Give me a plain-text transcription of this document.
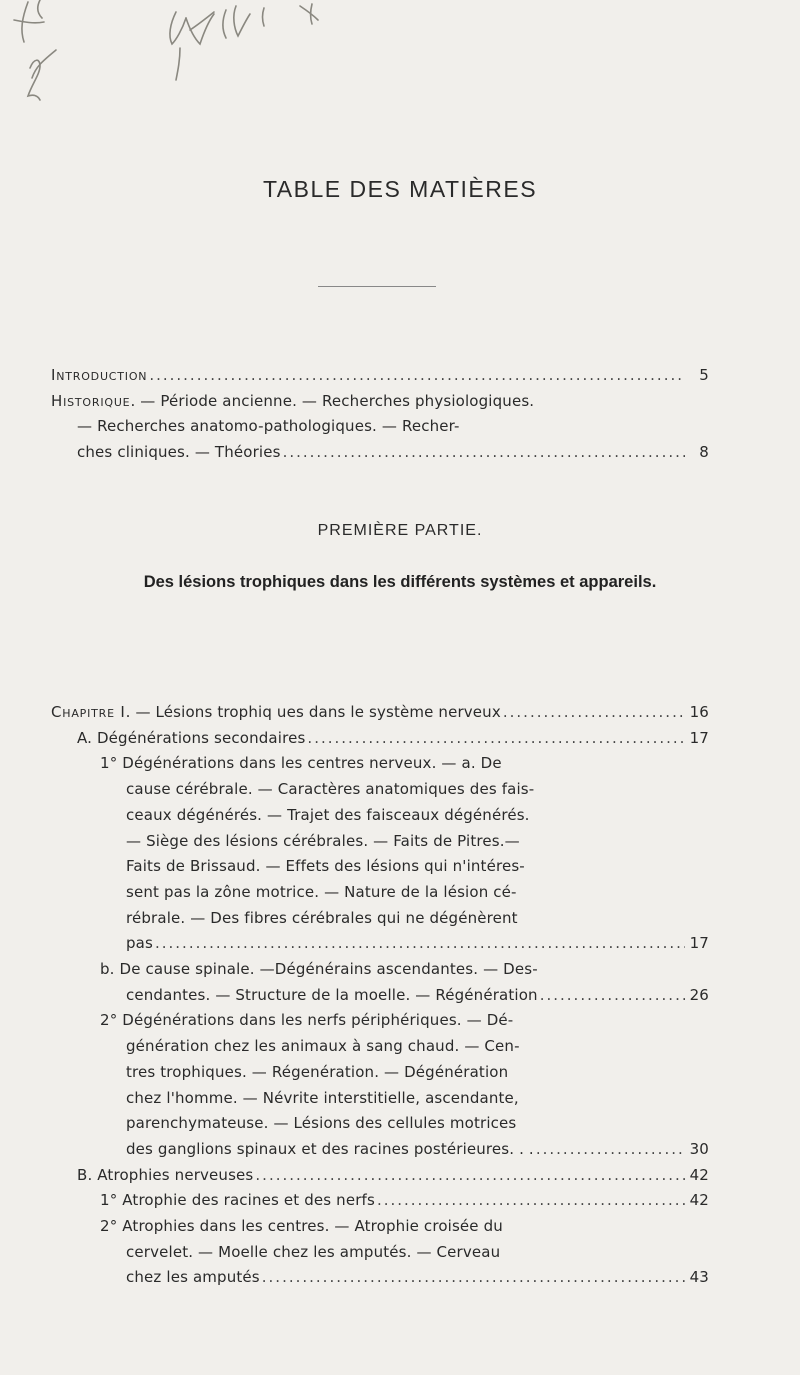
TABLE DES MATIÈRES
Introduction .....	5
Historique. — Période ancienne. — Recherches physiologiques.
— Recherches anatomo-pathologiques. — Recher-
ches cliniques. — Théories .....	8
PREMIÈRE PARTIE.
Des lésions trophiques dans les différents systèmes et appareils.
Chapitre I. — Lésions trophiq ues dans le système nerveux .....	16
A. Dégénérations secondaires .....	17
1° Dégénérations dans les centres nerveux. — a. De
cause cérébrale. — Caractères anatomiques des fais-
ceaux dégénérés. — Trajet des faisceaux dégénérés.
— Siège des lésions cérébrales. — Faits de Pitres.—
Faits de Brissaud. — Effets des lésions qui n'intéres-
sent pas la zône motrice. — Nature de la lésion cé-
rébrale. — Des fibres cérébrales qui ne dégénèrent
pas .....	17
b. De cause spinale. —Dégénérains ascendantes. — Des-
cendantes. — Structure de la moelle. — Régénération .....	26
2° Dégénérations dans les nerfs périphériques. — Dé-
génération chez les animaux à sang chaud. — Cen-
tres trophiques. — Régenération. — Dégénération
chez l'homme. — Névrite interstitielle, ascendante,
parenchymateuse. — Lésions des cellules motrices
des ganglions spinaux et des racines postérieures. . . .....	30
B. Atrophies nerveuses .....	42
1° Atrophie des racines et des nerfs .....	42
2° Atrophies dans les centres. — Atrophie croisée du
cervelet. — Moelle chez les amputés. — Cerveau
chez les amputés .....	43
